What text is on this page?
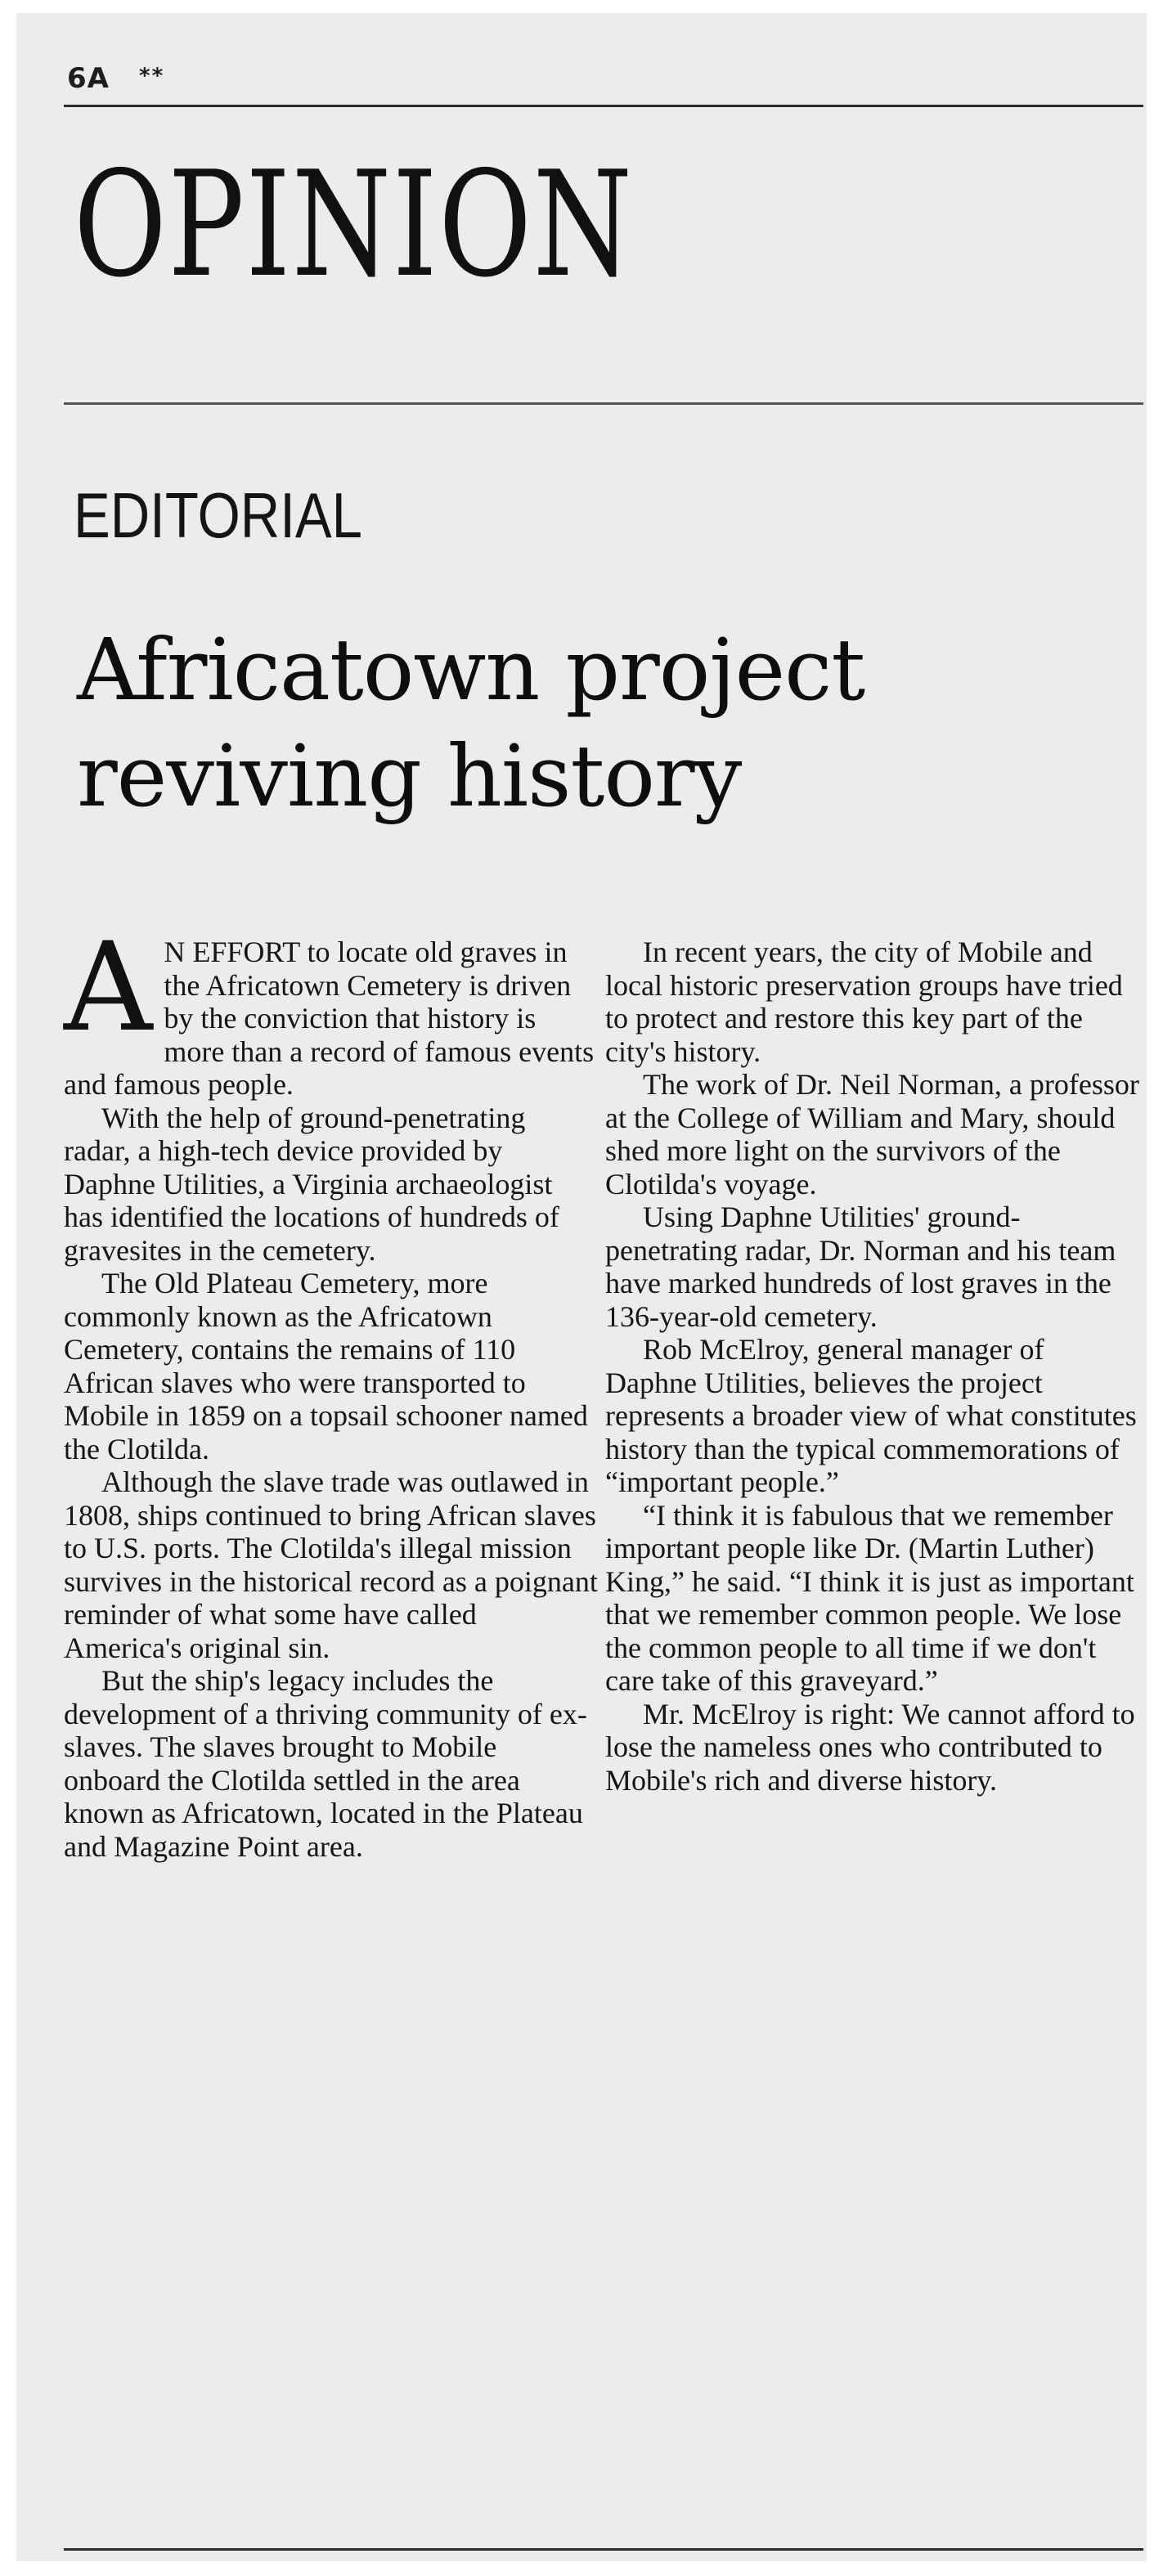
6A **
OPINION
EDITORIAL
Africatown project reviving history

A N EFFORT to locate old graves in the Africatown Cemetery is driven by the conviction that history is more than a record of famous events and famous people.

With the help of ground-penetrating radar, a high-tech device provided by Daphne Utilities, a Virginia archaeologist has identified the locations of hundreds of gravesites in the cemetery.

The Old Plateau Cemetery, more commonly known as the Africatown Cemetery, contains the remains of 110 African slaves who were transported to Mobile in 1859 on a topsail schooner named the Clotilda.

Although the slave trade was outlawed in 1808, ships continued to bring African slaves to U.S. ports. The Clotilda's illegal mission survives in the historical record as a poignant reminder of what some have called America's original sin.

But the ship's legacy includes the development of a thriving community of ex-slaves. The slaves brought to Mobile onboard the Clotilda settled in the area known as Africatown, located in the Plateau and Magazine Point area.

In recent years, the city of Mobile and local historic preservation groups have tried to protect and restore this key part of the city's history.

The work of Dr. Neil Norman, a professor at the College of William and Mary, should shed more light on the survivors of the Clotilda's voyage.

Using Daphne Utilities' ground-penetrating radar, Dr. Norman and his team have marked hundreds of lost graves in the 136-year-old cemetery.

Rob McElroy, general manager of Daphne Utilities, believes the project represents a broader view of what constitutes history than the typical commemorations of “important people.”

“I think it is fabulous that we remember important people like Dr. (Martin Luther) King,” he said. “I think it is just as important that we remember common people. We lose the common people to all time if we don't care take of this graveyard.”

Mr. McElroy is right: We cannot afford to lose the nameless ones who contributed to Mobile's rich and diverse history.
